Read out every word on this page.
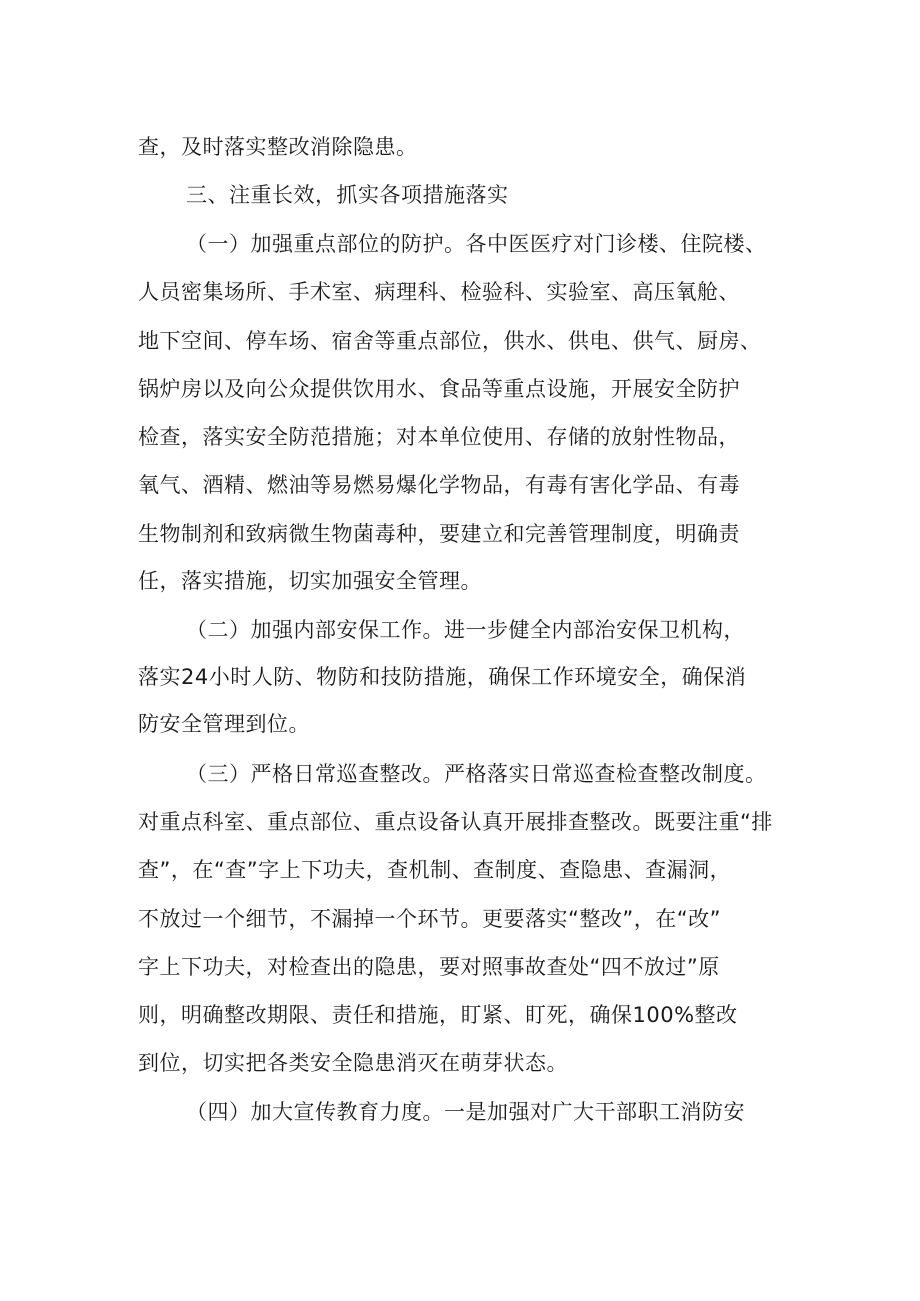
查，及时落实整改消除隐患。
三、注重长效，抓实各项措施落实
（一）加强重点部位的防护。各中医医疗对门诊楼、住院楼、
人员密集场所、手术室、病理科、检验科、实验室、高压氧舱、
地下空间、停车场、宿舍等重点部位，供水、供电、供气、厨房、
锅炉房以及向公众提供饮用水、食品等重点设施，开展安全防护
检查，落实安全防范措施；对本单位使用、存储的放射性物品，
氧气、酒精、燃油等易燃易爆化学物品，有毒有害化学品、有毒
生物制剂和致病微生物菌毒种，要建立和完善管理制度，明确责
任，落实措施，切实加强安全管理。
（二）加强内部安保工作。进一步健全内部治安保卫机构，
落实24小时人防、物防和技防措施，确保工作环境安全，确保消
防安全管理到位。
（三）严格日常巡查整改。严格落实日常巡查检查整改制度。
对重点科室、重点部位、重点设备认真开展排查整改。既要注重“排
查”，在“查”字上下功夫，查机制、查制度、查隐患、查漏洞，
不放过一个细节，不漏掉一个环节。更要落实“整改”，在“改”
字上下功夫，对检查出的隐患，要对照事故查处“四不放过”原
则，明确整改期限、责任和措施，盯紧、盯死，确保100%整改
到位，切实把各类安全隐患消灭在萌芽状态。
（四）加大宣传教育力度。一是加强对广大干部职工消防安
